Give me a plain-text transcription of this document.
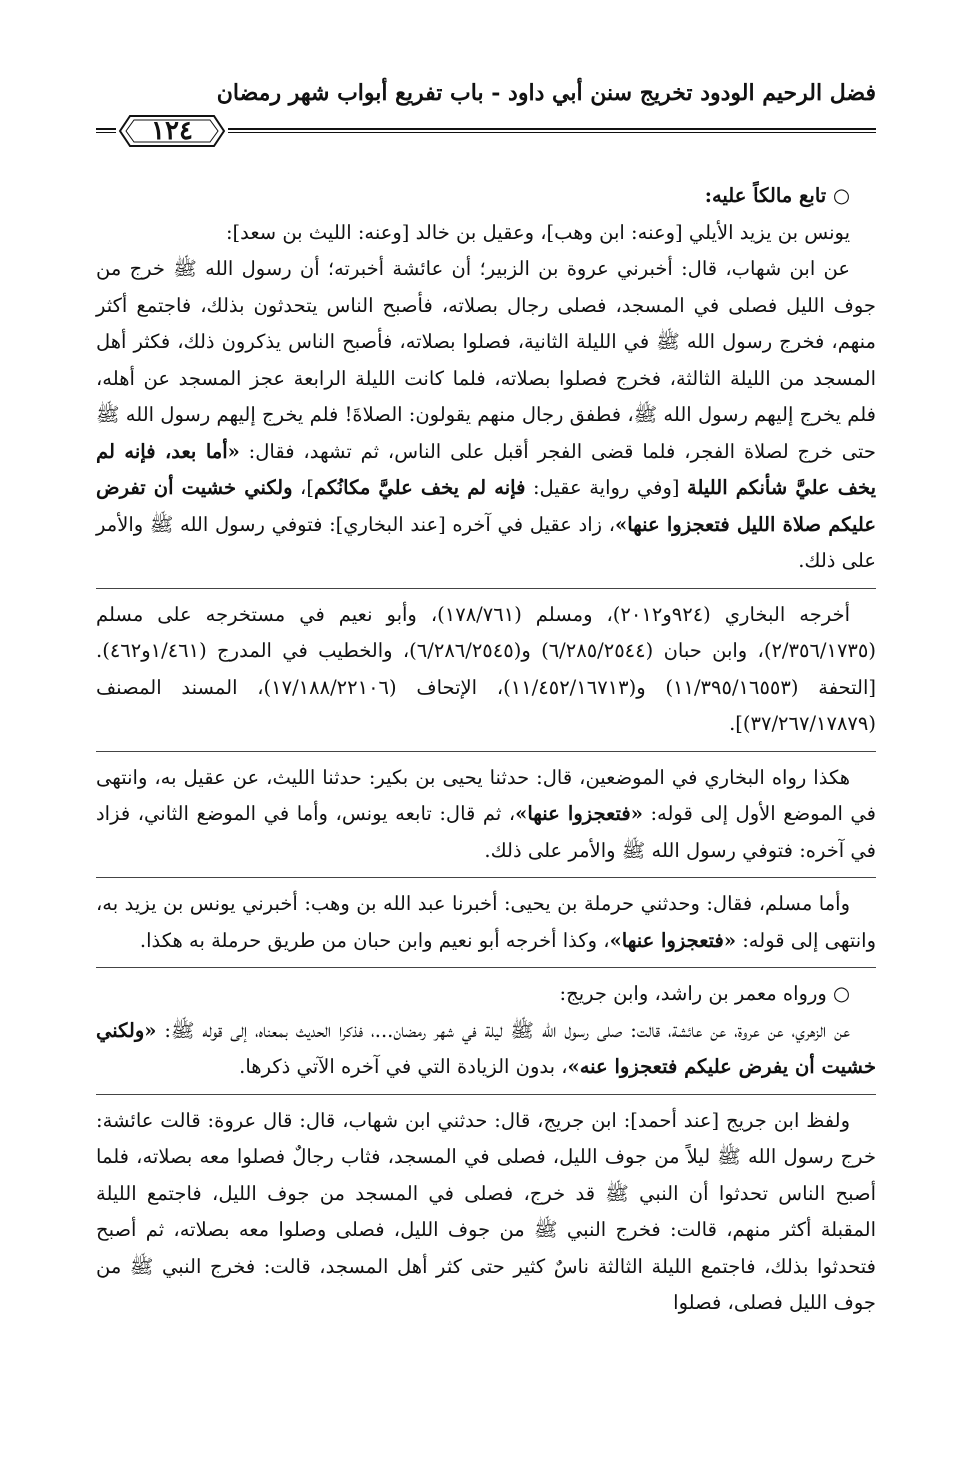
فضل الرحيم الودود تخريج سنن أبي داود - باب تفريع أبواب شهر رمضان
١٢٤

○ تابع مالكاً عليه:

يونس بن يزيد الأيلي [وعنه: ابن وهب]، وعقيل بن خالد [وعنه: الليث بن سعد]:

عن ابن شهاب، قال: أخبرني عروة بن الزبير؛ أن عائشة أخبرته؛ أن رسول الله ﷺ خرج من جوف الليل فصلى في المسجد، فصلى رجال بصلاته، فأصبح الناس يتحدثون بذلك، فاجتمع أكثر منهم، فخرج رسول الله ﷺ في الليلة الثانية، فصلوا بصلاته، فأصبح الناس يذكرون ذلك، فكثر أهل المسجد من الليلة الثالثة، فخرج فصلوا بصلاته، فلما كانت الليلة الرابعة عجز المسجد عن أهله، فلم يخرج إليهم رسول الله ﷺ، فطفق رجال منهم يقولون: الصلاةَ! فلم يخرج إليهم رسول الله ﷺ حتى خرج لصلاة الفجر، فلما قضى الفجر أقبل على الناس، ثم تشهد، فقال: «أما بعد، فإنه لم يخف عليَّ شأنكم الليلة [وفي رواية عقيل: فإنه لم يخف عليَّ مكانُكم]، ولكني خشيت أن تفرض عليكم صلاة الليل فتعجزوا عنها»، زاد عقيل في آخره [عند البخاري]: فتوفي رسول الله ﷺ والأمر على ذلك.

أخرجه البخاري (٩٢٤و٢٠١٢)، ومسلم (١٧٨/٧٦١)، وأبو نعيم في مستخرجه على مسلم (٢/٣٥٦/١٧٣٥)، وابن حبان (٦/٢٨٥/٢٥٤٤) و(٦/٢٨٦/٢٥٤٥)، والخطيب في المدرج (١/٤٦١و٤٦٢). [التحفة (١١/٣٩٥/١٦٥٥٣) و(١١/٤٥٢/١٦٧١٣)، الإتحاف (١٧/١٨٨/٢٢١٠٦)، المسند المصنف (٣٧/٢٦٧/١٧٨٧٩)].

هكذا رواه البخاري في الموضعين، قال: حدثنا يحيى بن بكير: حدثنا الليث، عن عقيل به، وانتهى في الموضع الأول إلى قوله: «فتعجزوا عنها»، ثم قال: تابعه يونس، وأما في الموضع الثاني، فزاد في آخره: فتوفي رسول الله ﷺ والأمر على ذلك.

وأما مسلم، فقال: وحدثني حرملة بن يحيى: أخبرنا عبد الله بن وهب: أخبرني يونس بن يزيد به، وانتهى إلى قوله: «فتعجزوا عنها»، وكذا أخرجه أبو نعيم وابن حبان من طريق حرملة به هكذا.

○ ورواه معمر بن راشد، وابن جريج:

عن الزهري، عن عروة، عن عائشة، قالت: صلى رسول الله ﷺ ليلة في شهر رمضان...، فذكرا الحديث بمعناه، إلى قوله ﷺ: «ولكني خشيت أن يفرض عليكم فتعجزوا عنه»، بدون الزيادة التي في آخره الآتي ذكرها.

ولفظ ابن جريج [عند أحمد]: ابن جريج، قال: حدثني ابن شهاب، قال: قال عروة: قالت عائشة: خرج رسول الله ﷺ ليلاً من جوف الليل، فصلى في المسجد، فثاب رجالٌ فصلوا معه بصلاته، فلما أصبح الناس تحدثوا أن النبي ﷺ قد خرج، فصلى في المسجد من جوف الليل، فاجتمع الليلة المقبلة أكثر منهم، قالت: فخرج النبي ﷺ من جوف الليل، فصلى وصلوا معه بصلاته، ثم أصبح فتحدثوا بذلك، فاجتمع الليلة الثالثة ناسٌ كثير حتى كثر أهل المسجد، قالت: فخرج النبي ﷺ من جوف الليل فصلى، فصلوا
